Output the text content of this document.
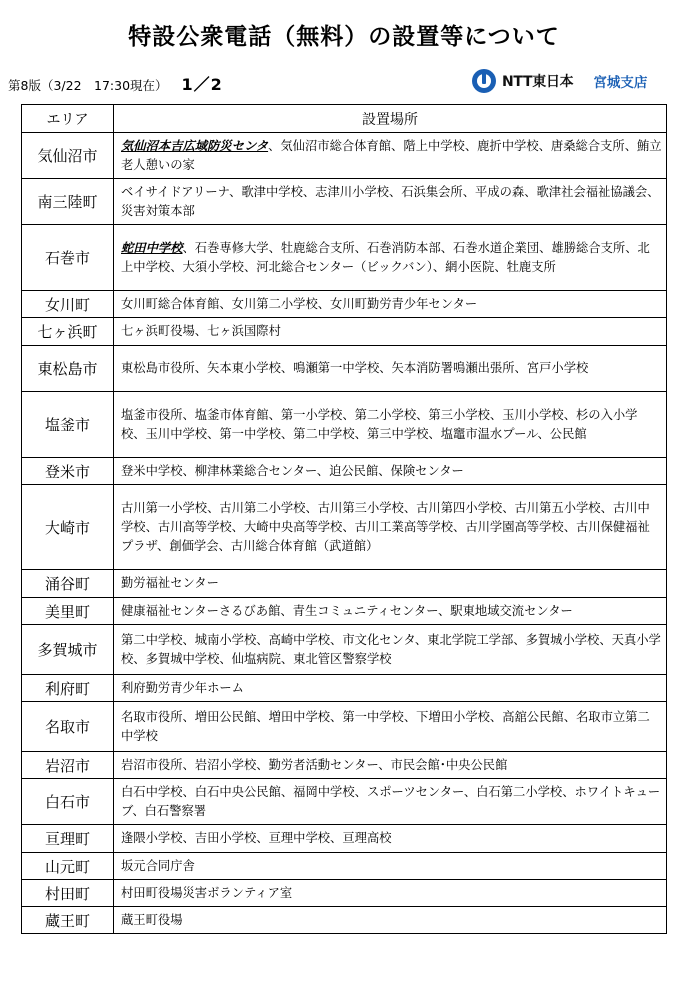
特設公衆電話（無料）の設置等について
第8版（3/22　17:30現在） 1／2	NTT東日本 宮城支店
エリア	設置場所
気仙沼市	気仙沼本吉広域防災センタ、気仙沼市総合体育館、階上中学校、鹿折中学校、唐桑総合支所、鮪立老人憩いの家
南三陸町	ベイサイドアリーナ、歌津中学校、志津川小学校、石浜集会所、平成の森、歌津社会福祉協議会、災害対策本部
石巻市	蛇田中学校、石巻専修大学、牡鹿総合支所、石巻消防本部、石巻水道企業団、雄勝総合支所、北上中学校、大須小学校、河北総合センター（ビックバン）、網小医院、牡鹿支所
女川町	女川町総合体育館、女川第二小学校、女川町勤労青少年センター
七ヶ浜町	七ヶ浜町役場、七ヶ浜国際村
東松島市	東松島市役所、矢本東小学校、鳴瀬第一中学校、矢本消防署鳴瀬出張所、宮戸小学校
塩釜市	塩釜市役所、塩釜市体育館、第一小学校、第二小学校、第三小学校、玉川小学校、杉の入小学校、玉川中学校、第一中学校、第二中学校、第三中学校、塩竈市温水プール、公民館
登米市	登米中学校、柳津林業総合センター、迫公民館、保険センター
大崎市	古川第一小学校、古川第二小学校、古川第三小学校、古川第四小学校、古川第五小学校、古川中学校、古川高等学校、大崎中央高等学校、古川工業高等学校、古川学園高等学校、古川保健福祉プラザ、創価学会、古川総合体育館（武道館）
涌谷町	勤労福祉センター
美里町	健康福祉センターさるびあ館、青生コミュニティセンター、駅東地域交流センター
多賀城市	第二中学校、城南小学校、高崎中学校、市文化センタ、東北学院工学部、多賀城小学校、天真小学校、多賀城中学校、仙塩病院、東北管区警察学校
利府町	利府勤労青少年ホーム
名取市	名取市役所、増田公民館、増田中学校、第一中学校、下増田小学校、高舘公民館、名取市立第二中学校
岩沼市	岩沼市役所、岩沼小学校、勤労者活動センター、市民会館･中央公民館
白石市	白石中学校、白石中央公民館、福岡中学校、スポーツセンター、白石第二小学校、ホワイトキューブ、白石警察署
亘理町	逢隈小学校、吉田小学校、亘理中学校、亘理高校
山元町	坂元合同庁舎
村田町	村田町役場災害ボランティア室
蔵王町	蔵王町役場
